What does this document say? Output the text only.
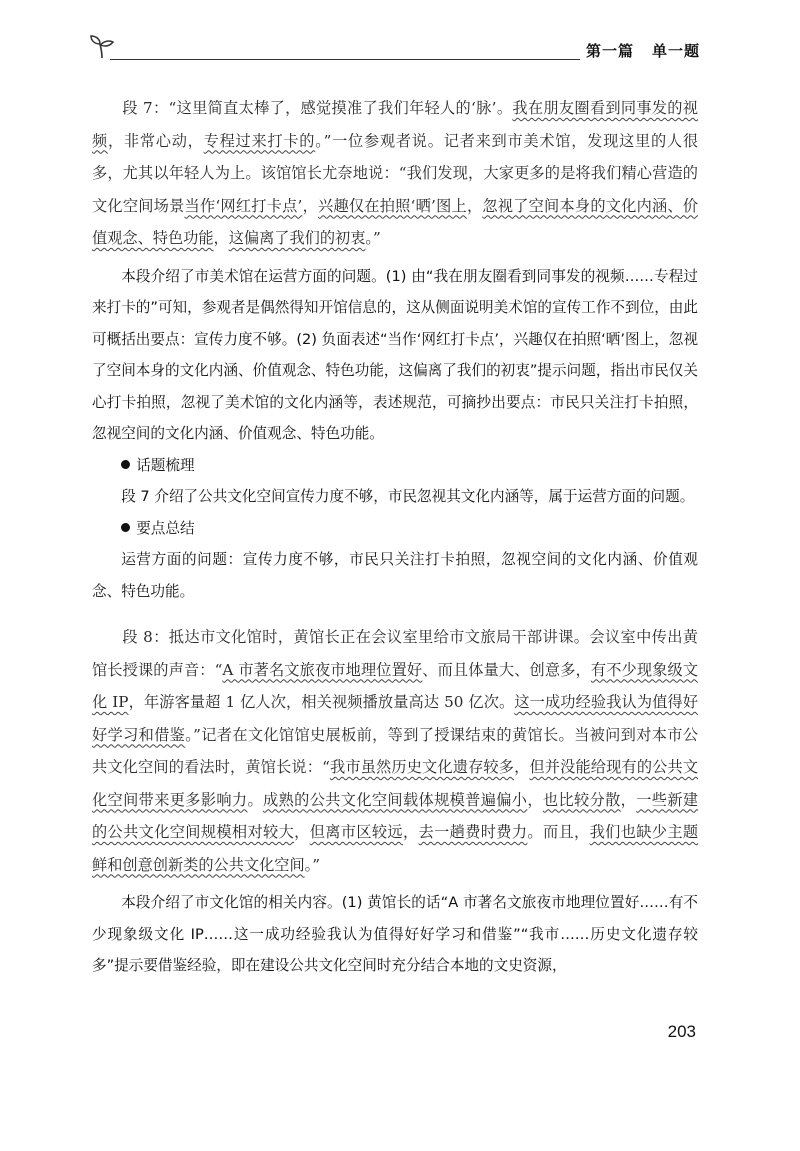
第一篇 单一题

段 7：“这里简直太棒了，感觉摸准了我们年轻人的‘脉’。我在朋友圈看到同事发的视频，非常心动，专程过来打卡的。”一位参观者说。记者来到市美术馆，发现这里的人很多，尤其以年轻人为上。该馆馆长尤奈地说：“我们发现，大家更多的是将我们精心营造的文化空间场景当作‘网红打卡点’，兴趣仅在拍照‘晒’图上，忽视了空间本身的文化内涵、价值观念、特色功能，这偏离了我们的初衷。”

本段介绍了市美术馆在运营方面的问题。(1) 由“我在朋友圈看到同事发的视频……专程过来打卡的”可知，参观者是偶然得知开馆信息的，这从侧面说明美术馆的宣传工作不到位，由此可概括出要点：宣传力度不够。(2) 负面表述“当作‘网红打卡点’，兴趣仅在拍照‘晒’图上，忽视了空间本身的文化内涵、价值观念、特色功能，这偏离了我们的初衷”提示问题，指出市民仅关心打卡拍照，忽视了美术馆的文化内涵等，表述规范，可摘抄出要点：市民只关注打卡拍照，忽视空间的文化内涵、价值观念、特色功能。

话题梳理

段 7 介绍了公共文化空间宣传力度不够，市民忽视其文化内涵等，属于运营方面的问题。

要点总结

运营方面的问题：宣传力度不够，市民只关注打卡拍照，忽视空间的文化内涵、价值观念、特色功能。

段 8：抵达市文化馆时，黄馆长正在会议室里给市文旅局干部讲课。会议室中传出黄馆长授课的声音：“A 市著名文旅夜市地理位置好、而且体量大、创意多，有不少现象级文化 IP，年游客量超 1 亿人次，相关视频播放量高达 50 亿次。这一成功经验我认为值得好好学习和借鉴。”记者在文化馆馆史展板前，等到了授课结束的黄馆长。当被问到对本市公共文化空间的看法时，黄馆长说：“我市虽然历史文化遗存较多，但并没能给现有的公共文化空间带来更多影响力。成熟的公共文化空间载体规模普遍偏小，也比较分散，一些新建的公共文化空间规模相对较大，但离市区较远，去一趟费时费力。而且，我们也缺少主题鲜和创意创新类的公共文化空间。”

本段介绍了市文化馆的相关内容。(1) 黄馆长的话“A 市著名文旅夜市地理位置好……有不少现象级文化 IP……这一成功经验我认为值得好好学习和借鉴”“我市……历史文化遗存较多”提示要借鉴经验，即在建设公共文化空间时充分结合本地的文史资源，

203
